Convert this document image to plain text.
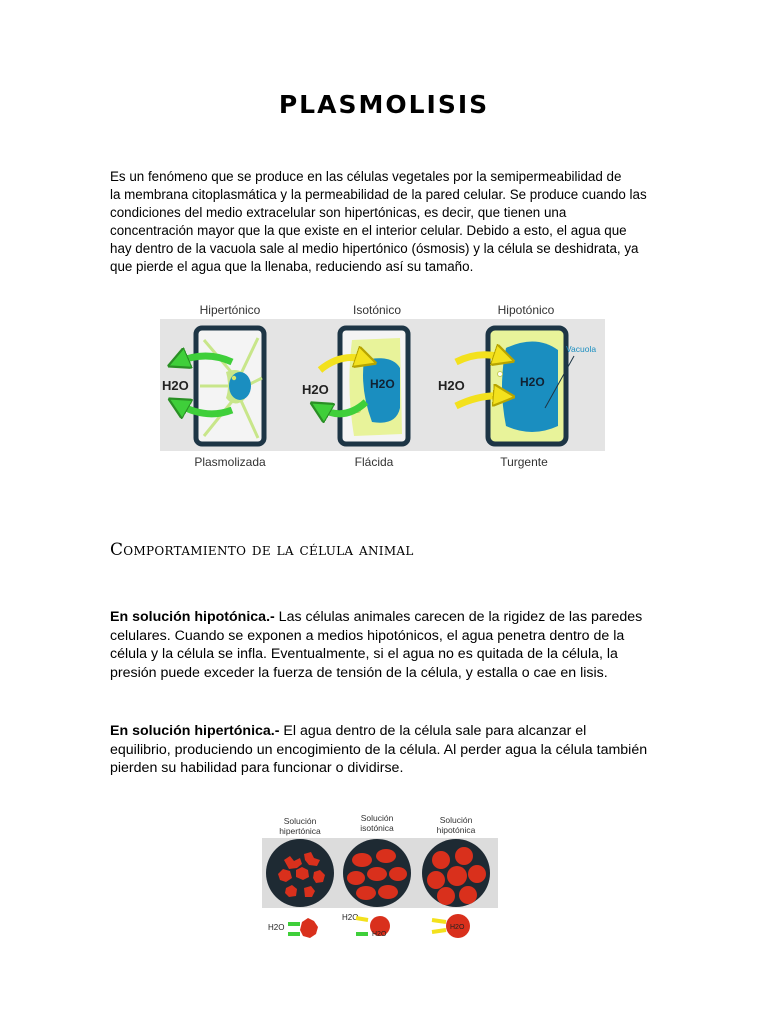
PLASMOLISIS
Es un fenómeno que se produce en las células vegetales por la semipermeabilidad de
la membrana citoplasmática y la permeabilidad de la pared celular. Se produce cuando las
condiciones del medio extracelular son hipertónicas, es decir, que tienen una
concentración mayor que la que existe en el interior celular. Debido a esto, el agua que
hay dentro de la vacuola sale al medio hipertónico (ósmosis) y la célula se deshidrata, ya
que pierde el agua que la llenaba, reduciendo así su tamaño.
Hipertónico	Isotónico	Hipotónico
H2O	H2O	H2O
Vacuola
H2O	H2O
Plasmolizada	Flácida	Turgente
Comportamiento de la célula animal
En solución hipotónica.- Las células animales carecen de la rigidez de las paredes
celulares. Cuando se exponen a medios hipotónicos, el agua penetra dentro de la
célula y la célula se infla. Eventualmente, si el agua no es quitada de la célula, la
presión puede exceder la fuerza de tensión de la célula, y estalla o cae en lisis.
En solución hipertónica.- El agua dentro de la célula sale para alcanzar el
equilibrio, produciendo un encogimiento de la célula. Al perder agua la célula también
pierden su habilidad para funcionar o dividirse.
Solución
hipertónica
Solución
isotónica
Solución
hipotónica
H2O
H2O
H2O
H2O
